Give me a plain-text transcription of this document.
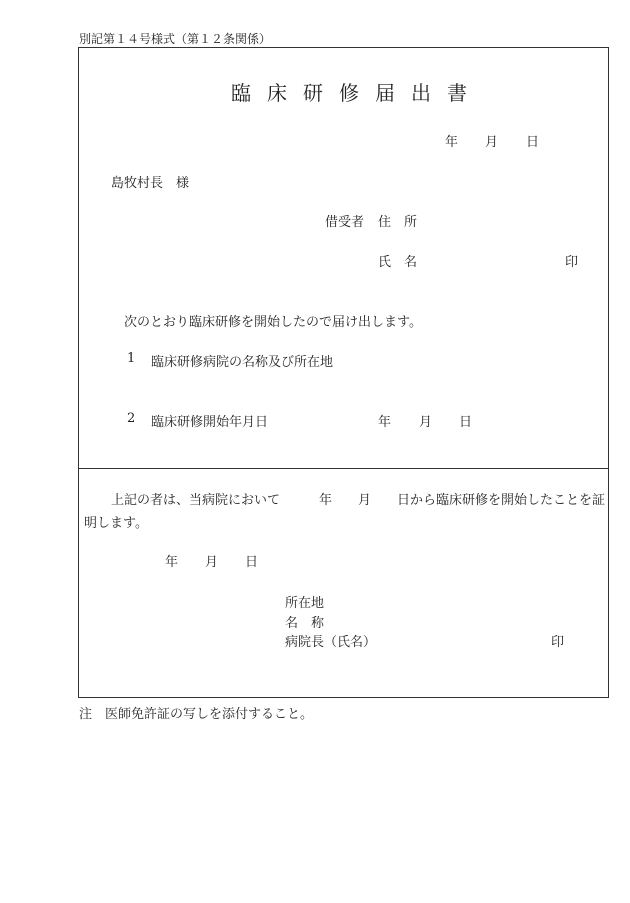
別記第１４号様式（第１２条関係）
臨床研修届出書
年 月 日
島牧村長　様
借受者 住　所
氏　名	印
次のとおり臨床研修を開始したので届け出します。
1 臨床研修病院の名称及び所在地
2 臨床研修開始年月日	年 月 日
上記の者は、当病院において　　　年　　月　　日から臨床研修を開始したことを証明します。
年 月 日
所在地
名　称
病院長（氏名）	印
注　医師免許証の写しを添付すること。
